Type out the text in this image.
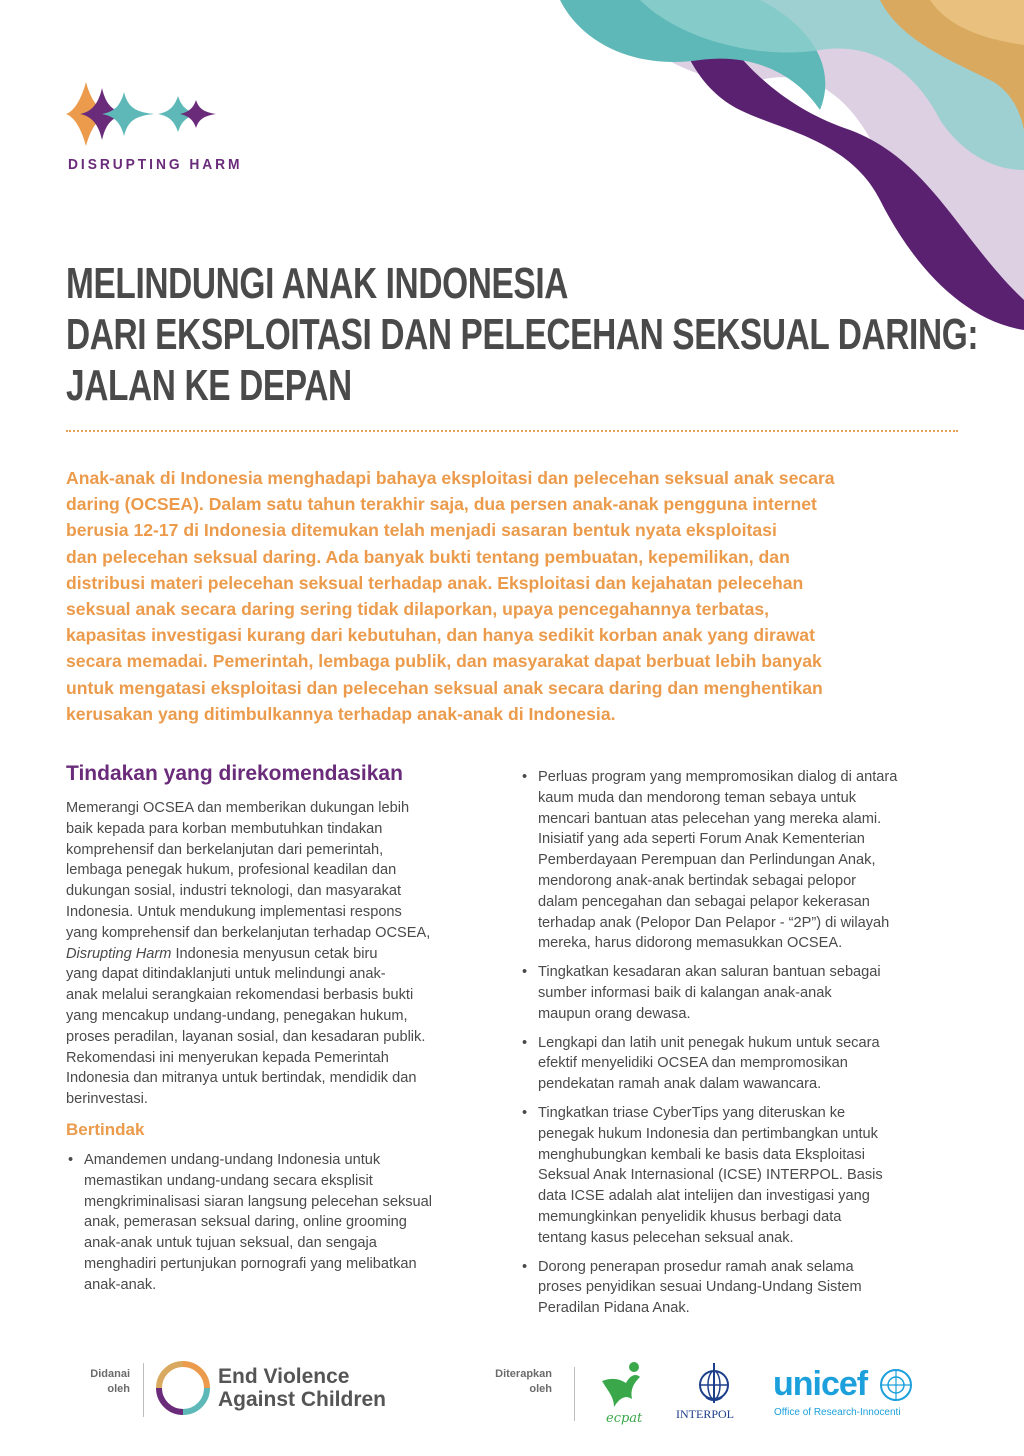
DISRUPTING HARM
MELINDUNGI ANAK INDONESIA
DARI EKSPLOITASI DAN PELECEHAN SEKSUAL DARING:
JALAN KE DEPAN

Anak-anak di Indonesia menghadapi bahaya eksploitasi dan pelecehan seksual anak secara
daring (OCSEA). Dalam satu tahun terakhir saja, dua persen anak-anak pengguna internet
berusia 12-17 di Indonesia ditemukan telah menjadi sasaran bentuk nyata eksploitasi
dan pelecehan seksual daring. Ada banyak bukti tentang pembuatan, kepemilikan, dan
distribusi materi pelecehan seksual terhadap anak. Eksploitasi dan kejahatan pelecehan
seksual anak secara daring sering tidak dilaporkan, upaya pencegahannya terbatas,
kapasitas investigasi kurang dari kebutuhan, dan hanya sedikit korban anak yang dirawat
secara memadai. Pemerintah, lembaga publik, dan masyarakat dapat berbuat lebih banyak
untuk mengatasi eksploitasi dan pelecehan seksual anak secara daring dan menghentikan
kerusakan yang ditimbulkannya terhadap anak-anak di Indonesia.

Tindakan yang direkomendasikan

Memerangi OCSEA dan memberikan dukungan lebih
baik kepada para korban membutuhkan tindakan
komprehensif dan berkelanjutan dari pemerintah,
lembaga penegak hukum, profesional keadilan dan
dukungan sosial, industri teknologi, dan masyarakat
Indonesia. Untuk mendukung implementasi respons
yang komprehensif dan berkelanjutan terhadap OCSEA,
Disrupting Harm Indonesia menyusun cetak biru
yang dapat ditindaklanjuti untuk melindungi anak-
anak melalui serangkaian rekomendasi berbasis bukti
yang mencakup undang-undang, penegakan hukum,
proses peradilan, layanan sosial, dan kesadaran publik.
Rekomendasi ini menyerukan kepada Pemerintah
Indonesia dan mitranya untuk bertindak, mendidik dan
berinvestasi.

Bertindak
• Amandemen undang-undang Indonesia untuk
memastikan undang-undang secara eksplisit
mengkriminalisasi siaran langsung pelecehan seksual
anak, pemerasan seksual daring, online grooming
anak-anak untuk tujuan seksual, dan sengaja
menghadiri pertunjukan pornografi yang melibatkan
anak-anak.
• Perluas program yang mempromosikan dialog di antara
kaum muda dan mendorong teman sebaya untuk
mencari bantuan atas pelecehan yang mereka alami.
Inisiatif yang ada seperti Forum Anak Kementerian
Pemberdayaan Perempuan dan Perlindungan Anak,
mendorong anak-anak bertindak sebagai pelopor
dalam pencegahan dan sebagai pelapor kekerasan
terhadap anak (Pelopor Dan Pelapor - “2P”) di wilayah
mereka, harus didorong memasukkan OCSEA.
• Tingkatkan kesadaran akan saluran bantuan sebagai
sumber informasi baik di kalangan anak-anak
maupun orang dewasa.
• Lengkapi dan latih unit penegak hukum untuk secara
efektif menyelidiki OCSEA dan mempromosikan
pendekatan ramah anak dalam wawancara.
• Tingkatkan triase CyberTips yang diteruskan ke
penegak hukum Indonesia dan pertimbangkan untuk
menghubungkan kembali ke basis data Eksploitasi
Seksual Anak Internasional (ICSE) INTERPOL. Basis
data ICSE adalah alat intelijen dan investigasi yang
memungkinkan penyelidik khusus berbagi data
tentang kasus pelecehan seksual anak.
• Dorong penerapan prosedur ramah anak selama
proses penyidikan sesuai Undang-Undang Sistem
Peradilan Pidana Anak.
Didanai
oleh
End Violence
Against Children
Diterapkan
oleh
ecpat	INTERPOL
unicef
Office of Research-Innocenti
